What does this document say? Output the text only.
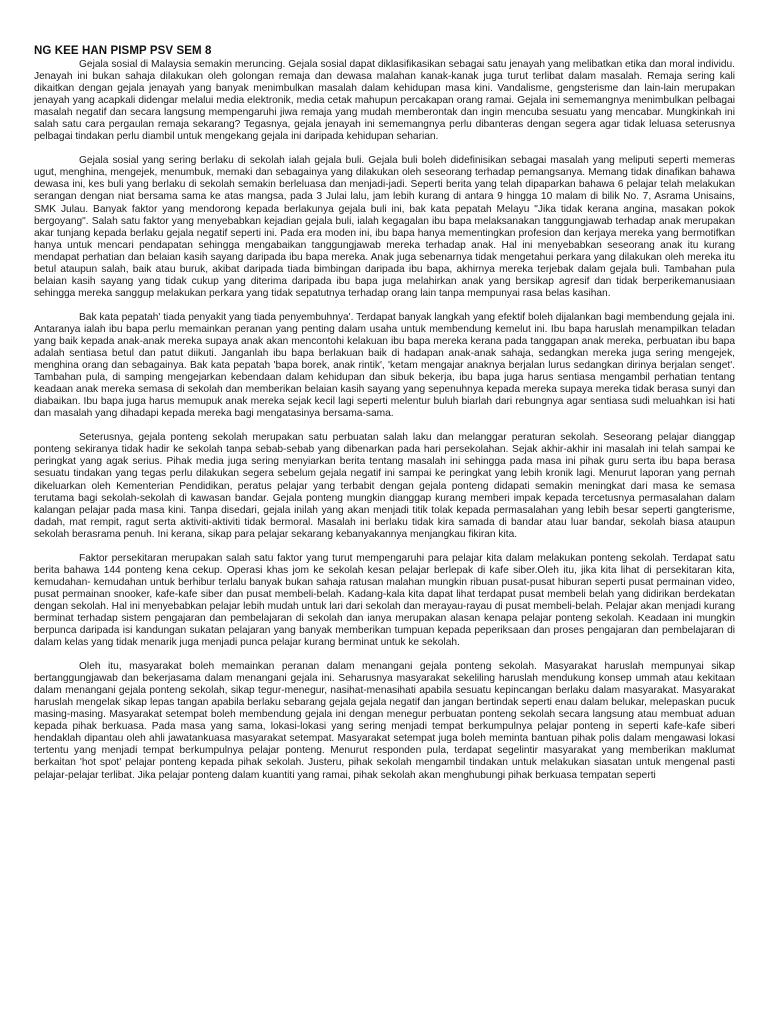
NG KEE HAN PISMP PSV SEM 8

Gejala sosial di Malaysia semakin meruncing. Gejala sosial dapat diklasifikasikan sebagai satu jenayah yang melibatkan etika dan moral individu. Jenayah ini bukan sahaja dilakukan oleh golongan remaja dan dewasa malahan kanak-kanak juga turut terlibat dalam masalah. Remaja sering kali dikaitkan dengan gejala jenayah yang banyak menimbulkan masalah dalam kehidupan masa kini. Vandalisme, gengsterisme dan lain-lain merupakan jenayah yang acapkali didengar melalui media elektronik, media cetak mahupun percakapan orang ramai. Gejala ini sememangnya menimbulkan pelbagai masalah negatif dan secara langsung mempengaruhi jiwa remaja yang mudah memberontak dan ingin mencuba sesuatu yang mencabar. Mungkinkah ini salah satu cara pergaulan remaja sekarang? Tegasnya, gejala jenayah ini sememangnya perlu dibanteras dengan segera agar tidak leluasa seterusnya pelbagai tindakan perlu diambil untuk mengekang gejala ini daripada kehidupan seharian.

Gejala sosial yang sering berlaku di sekolah ialah gejala buli. Gejala buli boleh didefinisikan sebagai masalah yang meliputi seperti memeras ugut, menghina, mengejek, menumbuk, memaki dan sebagainya yang dilakukan oleh seseorang terhadap pemangsanya. Memang tidak dinafikan bahawa dewasa ini, kes buli yang berlaku di sekolah semakin berleluasa dan menjadi-jadi. Seperti berita yang telah dipaparkan bahawa 6 pelajar telah melakukan serangan dengan niat bersama sama ke atas mangsa, pada 3 Julai lalu, jam lebih kurang di antara 9 hingga 10 malam di bilik No. 7, Asrama Unisains, SMK Julau. Banyak faktor yang mendorong kepada berlakunya gejala buli ini, bak kata pepatah Melayu "Jika tidak kerana angina, masakan pokok bergoyang". Salah satu faktor yang menyebabkan kejadian gejala buli, ialah kegagalan ibu bapa melaksanakan tanggungjawab terhadap anak merupakan akar tunjang kepada berlaku gejala negatif seperti ini. Pada era moden ini, ibu bapa hanya mementingkan profesion dan kerjaya mereka yang bermotifkan hanya untuk mencari pendapatan sehingga mengabaikan tanggungjawab mereka terhadap anak. Hal ini menyebabkan seseorang anak itu kurang mendapat perhatian dan belaian kasih sayang daripada ibu bapa mereka. Anak juga sebenarnya tidak mengetahui perkara yang dilakukan oleh mereka itu betul ataupun salah, baik atau buruk, akibat daripada tiada bimbingan daripada ibu bapa, akhirnya mereka terjebak dalam gejala buli. Tambahan pula belaian kasih sayang yang tidak cukup yang diterima daripada ibu bapa juga melahirkan anak yang bersikap agresif dan tidak berperikemanusiaan sehingga mereka sanggup melakukan perkara yang tidak sepatutnya terhadap orang lain tanpa mempunyai rasa belas kasihan.

Bak kata pepatah' tiada penyakit yang tiada penyembuhnya'. Terdapat banyak langkah yang efektif boleh dijalankan bagi membendung gejala ini. Antaranya ialah ibu bapa perlu memainkan peranan yang penting dalam usaha untuk membendung kemelut ini. Ibu bapa haruslah menampilkan teladan yang baik kepada anak-anak mereka supaya anak akan mencontohi kelakuan ibu bapa mereka kerana pada tanggapan anak mereka, perbuatan ibu bapa adalah sentiasa betul dan patut diikuti. Janganlah ibu bapa berlakuan baik di hadapan anak-anak sahaja, sedangkan mereka juga sering mengejek, menghina orang dan sebagainya. Bak kata pepatah 'bapa borek, anak rintik', 'ketam mengajar anaknya berjalan lurus sedangkan dirinya berjalan senget'. Tambahan pula, di samping mengejarkan kebendaan dalam kehidupan dan sibuk bekerja, ibu bapa juga harus sentiasa mengambil perhatian tentang keadaan anak mereka semasa di sekolah dan memberikan belaian kasih sayang yang sepenuhnya kepada mereka supaya mereka tidak berasa sunyi dan diabaikan. Ibu bapa juga harus memupuk anak mereka sejak kecil lagi seperti melentur buluh biarlah dari rebungnya agar sentiasa sudi meluahkan isi hati dan masalah yang dihadapi kepada mereka bagi mengatasinya bersama-sama.

Seterusnya, gejala ponteng sekolah merupakan satu perbuatan salah laku dan melanggar peraturan sekolah. Seseorang pelajar dianggap ponteng sekiranya tidak hadir ke sekolah tanpa sebab-sebab yang dibenarkan pada hari persekolahan. Sejak akhir-akhir ini masalah ini telah sampai ke peringkat yang agak serius. Pihak media juga sering menyiarkan berita tentang masalah ini sehingga pada masa ini pihak guru serta ibu bapa berasa sesuatu tindakan yang tegas perlu dilakukan segera sebelum gejala negatif ini sampai ke peringkat yang lebih kronik lagi. Menurut laporan yang pernah dikeluarkan oleh Kementerian Pendidikan, peratus pelajar yang terbabit dengan gejala ponteng didapati semakin meningkat dari masa ke semasa terutama bagi sekolah-sekolah di kawasan bandar. Gejala ponteng mungkin dianggap kurang memberi impak kepada tercetusnya permasalahan dalam kalangan pelajar pada masa kini. Tanpa disedari, gejala inilah yang akan menjadi titik tolak kepada permasalahan yang lebih besar seperti gangterisme, dadah, mat rempit, ragut serta aktiviti-aktiviti tidak bermoral. Masalah ini berlaku tidak kira samada di bandar atau luar bandar, sekolah biasa ataupun sekolah berasrama penuh. Ini kerana, sikap para pelajar sekarang kebanyakannya menjangkau fikiran kita.

Faktor persekitaran merupakan salah satu faktor yang turut mempengaruhi para pelajar kita dalam melakukan ponteng sekolah. Terdapat satu berita bahawa 144 ponteng kena cekup. Operasi khas jom ke sekolah kesan pelajar berlepak di kafe siber.Oleh itu, jika kita lihat di persekitaran kita, kemudahan- kemudahan untuk berhibur terlalu banyak bukan sahaja ratusan malahan mungkin ribuan pusat-pusat hiburan seperti pusat permainan video, pusat permainan snooker, kafe-kafe siber dan pusat membeli-belah. Kadang-kala kita dapat lihat terdapat pusat membeli belah yang didirikan berdekatan dengan sekolah. Hal ini menyebabkan pelajar lebih mudah untuk lari dari sekolah dan merayau-rayau di pusat membeli-belah. Pelajar akan menjadi kurang berminat terhadap sistem pengajaran dan pembelajaran di sekolah dan ianya merupakan alasan kenapa pelajar ponteng sekolah. Keadaan ini mungkin berpunca daripada isi kandungan sukatan pelajaran yang banyak memberikan tumpuan kepada peperiksaan dan proses pengajaran dan pembelajaran di dalam kelas yang tidak menarik juga menjadi punca pelajar kurang berminat untuk ke sekolah.

Oleh itu, masyarakat boleh memainkan peranan dalam menangani gejala ponteng sekolah. Masyarakat haruslah mempunyai sikap bertanggungjawab dan bekerjasama dalam menangani gejala ini. Seharusnya masyarakat sekeliling haruslah mendukung konsep ummah atau kekitaan dalam menangani gejala ponteng sekolah, sikap tegur-menegur, nasihat-menasihati apabila sesuatu kepincangan berlaku dalam masyarakat. Masyarakat haruslah mengelak sikap lepas tangan apabila berlaku sebarang gejala gejala negatif dan jangan bertindak seperti enau dalam belukar, melepaskan pucuk masing-masing. Masyarakat setempat boleh membendung gejala ini dengan menegur perbuatan ponteng sekolah secara langsung atau membuat aduan kepada pihak berkuasa. Pada masa yang sama, lokasi-lokasi yang sering menjadi tempat berkumpulnya pelajar ponteng in seperti kafe-kafe siberi hendaklah dipantau oleh ahli jawatankuasa masyarakat setempat. Masyarakat setempat juga boleh meminta bantuan pihak polis dalam mengawasi lokasi tertentu yang menjadi tempat berkumpulnya pelajar ponteng. Menurut responden pula, terdapat segelintir masyarakat yang memberikan maklumat berkaitan 'hot spot' pelajar ponteng kepada pihak sekolah. Justeru, pihak sekolah mengambil tindakan untuk melakukan siasatan untuk mengenal pasti pelajar-pelajar terlibat. Jika pelajar ponteng dalam kuantiti yang ramai, pihak sekolah akan menghubungi pihak berkuasa tempatan seperti
